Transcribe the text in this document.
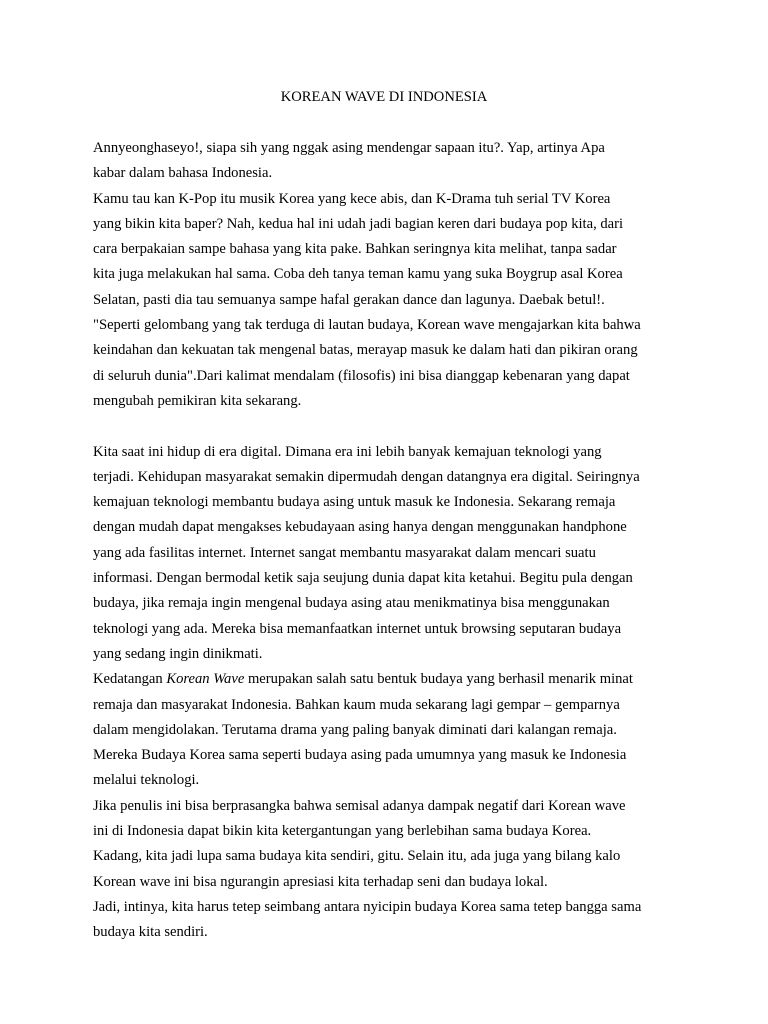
KOREAN WAVE DI INDONESIA
Annyeonghaseyo!, siapa sih yang nggak asing mendengar sapaan itu?. Yap, artinya Apa
kabar dalam bahasa Indonesia.
Kamu tau kan K-Pop itu musik Korea yang kece abis, dan K-Drama tuh serial TV Korea
yang bikin kita baper? Nah, kedua hal ini udah jadi bagian keren dari budaya pop kita, dari
cara berpakaian sampe bahasa yang kita pake. Bahkan seringnya kita melihat, tanpa sadar
kita juga melakukan hal sama. Coba deh tanya teman kamu yang suka Boygrup asal Korea
Selatan, pasti dia tau semuanya sampe hafal gerakan dance dan lagunya. Daebak betul!.
"Seperti gelombang yang tak terduga di lautan budaya, Korean wave mengajarkan kita bahwa
keindahan dan kekuatan tak mengenal batas, merayap masuk ke dalam hati dan pikiran orang
di seluruh dunia".Dari kalimat mendalam (filosofis) ini bisa dianggap kebenaran yang dapat
mengubah pemikiran kita sekarang.
Kita saat ini hidup di era digital. Dimana era ini lebih banyak kemajuan teknologi yang
terjadi. Kehidupan masyarakat semakin dipermudah dengan datangnya era digital. Seiringnya
kemajuan teknologi membantu budaya asing untuk masuk ke Indonesia. Sekarang remaja
dengan mudah dapat mengakses kebudayaan asing hanya dengan menggunakan handphone
yang ada fasilitas internet. Internet sangat membantu masyarakat dalam mencari suatu
informasi. Dengan bermodal ketik saja seujung dunia dapat kita ketahui. Begitu pula dengan
budaya, jika remaja ingin mengenal budaya asing atau menikmatinya bisa menggunakan
teknologi yang ada. Mereka bisa memanfaatkan internet untuk browsing seputaran budaya
yang sedang ingin dinikmati.
Kedatangan Korean Wave merupakan salah satu bentuk budaya yang berhasil menarik minat
remaja dan masyarakat Indonesia. Bahkan kaum muda sekarang lagi gempar – gemparnya
dalam mengidolakan. Terutama drama yang paling banyak diminati dari kalangan remaja.
Mereka Budaya Korea sama seperti budaya asing pada umumnya yang masuk ke Indonesia
melalui teknologi.
Jika penulis ini bisa berprasangka bahwa semisal adanya dampak negatif dari Korean wave
ini di Indonesia dapat bikin kita ketergantungan yang berlebihan sama budaya Korea.
Kadang, kita jadi lupa sama budaya kita sendiri, gitu. Selain itu, ada juga yang bilang kalo
Korean wave ini bisa ngurangin apresiasi kita terhadap seni dan budaya lokal.
Jadi, intinya, kita harus tetep seimbang antara nyicipin budaya Korea sama tetep bangga sama
budaya kita sendiri.
